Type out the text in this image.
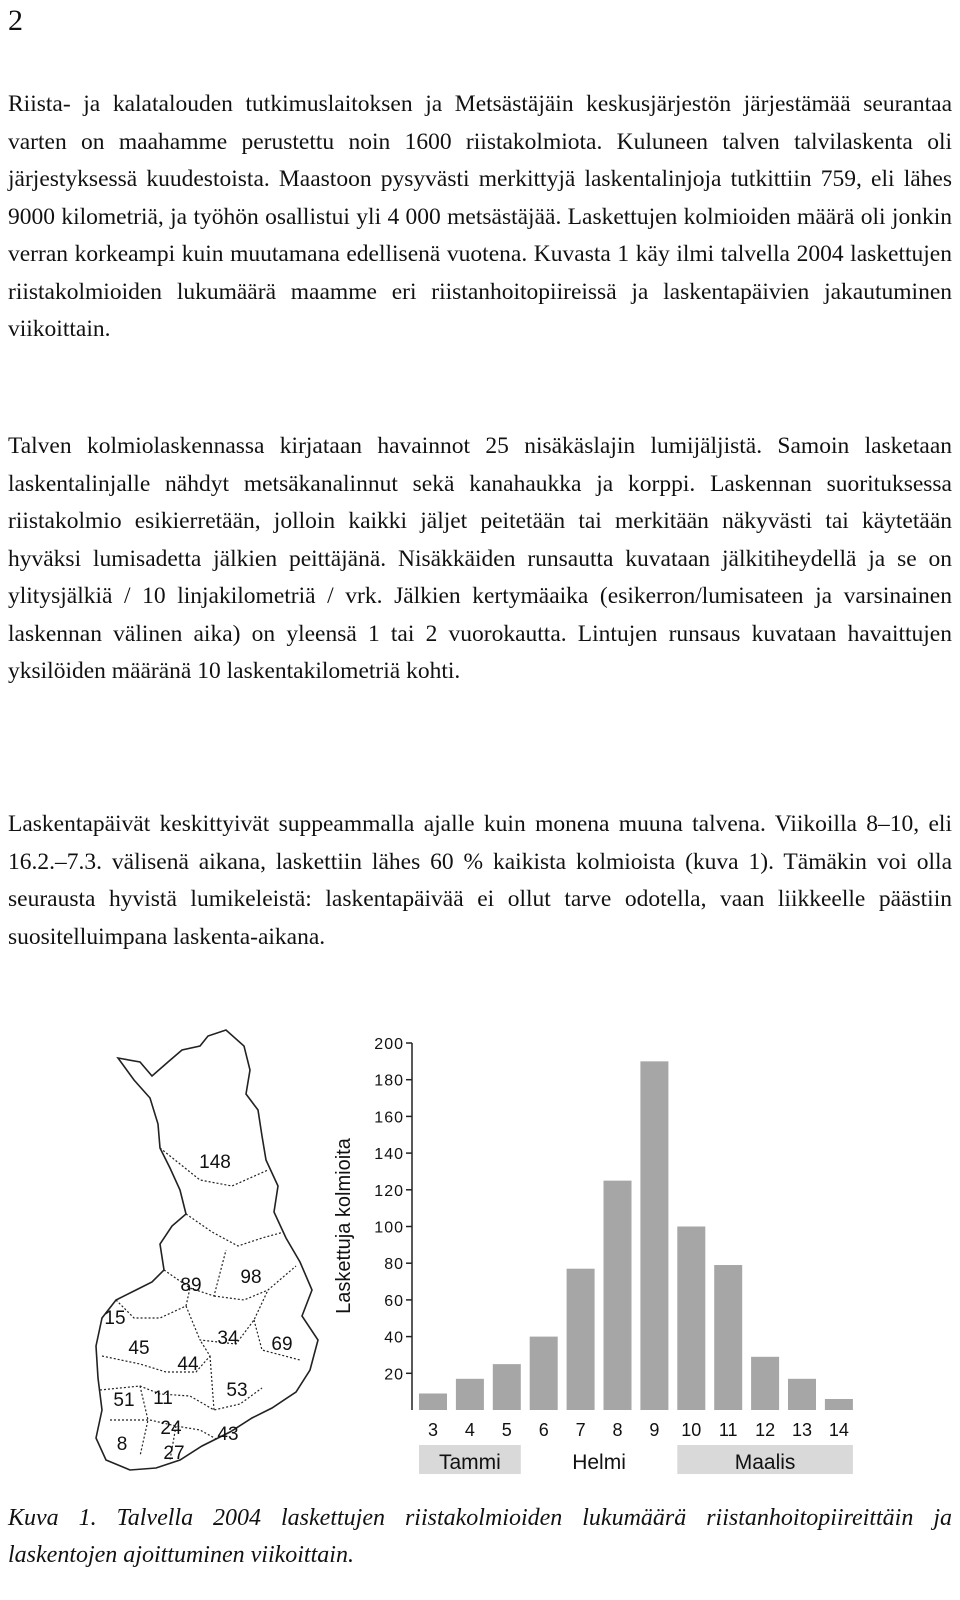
2

Riista- ja kalatalouden tutkimuslaitoksen ja Metsästäjäin keskusjärjestön järjestämää seurantaa varten on maahamme perustettu noin 1600 riistakolmiota. Kuluneen talven talvilaskenta oli järjestyksessä kuudestoista. Maastoon pysyvästi merkittyjä laskentalinjoja tutkittiin 759, eli lähes 9000 kilometriä, ja työhön osallistui yli 4 000 metsästäjää. Laskettujen kolmioiden määrä oli jonkin verran korkeampi kuin muutamana edellisenä vuotena. Kuvasta 1 käy ilmi talvella 2004 laskettujen riistakolmioiden lukumäärä maamme eri riistanhoitopiireissä ja laskentapäivien jakautuminen viikoittain.

Talven kolmiolaskennassa kirjataan havainnot 25 nisäkäslajin lumijäljistä. Samoin lasketaan laskentalinjalle nähdyt metsäkanalinnut sekä kanahaukka ja korppi. Laskennan suorituksessa riistakolmio esikierretään, jolloin kaikki jäljet peitetään tai merkitään näkyvästi tai käytetään hyväksi lumisadetta jälkien peittäjänä. Nisäkkäiden runsautta kuvataan jälkitiheydellä ja se on ylitysjälkiä / 10 linjakilometriä / vrk. Jälkien kertymäaika (esikerron/lumisateen ja varsinainen laskennan välinen aika) on yleensä 1 tai 2 vuorokautta. Lintujen runsaus kuvataan havaittujen yksilöiden määränä 10 laskentakilometriä kohti.

Laskentapäivät keskittyivät suppeammalla ajalle kuin monena muuna talvena. Viikoilla 8–10, eli 16.2.–7.3. välisenä aikana, laskettiin lähes 60 % kaikista kolmioista (kuva 1). Tämäkin voi olla seurausta hyvistä lumikeleistä: laskentapäivää ei ollut tarve odotella, vaan liikkeelle päästiin suositelluimpana laskenta-aikana.

148
89 98
15
45	34
44
69
51 11	53
24 43
8 27
Laskettuja kolmioita
20
40
60
80
100
120
140
160
180
200
3 4 5 6 7 8 9 10 11 12 13 14
Tammi	Helmi	Maalis

Kuva 1. Talvella 2004 laskettujen riistakolmioiden lukumäärä riistanhoitopiireittäin ja laskentojen ajoittuminen viikoittain.
